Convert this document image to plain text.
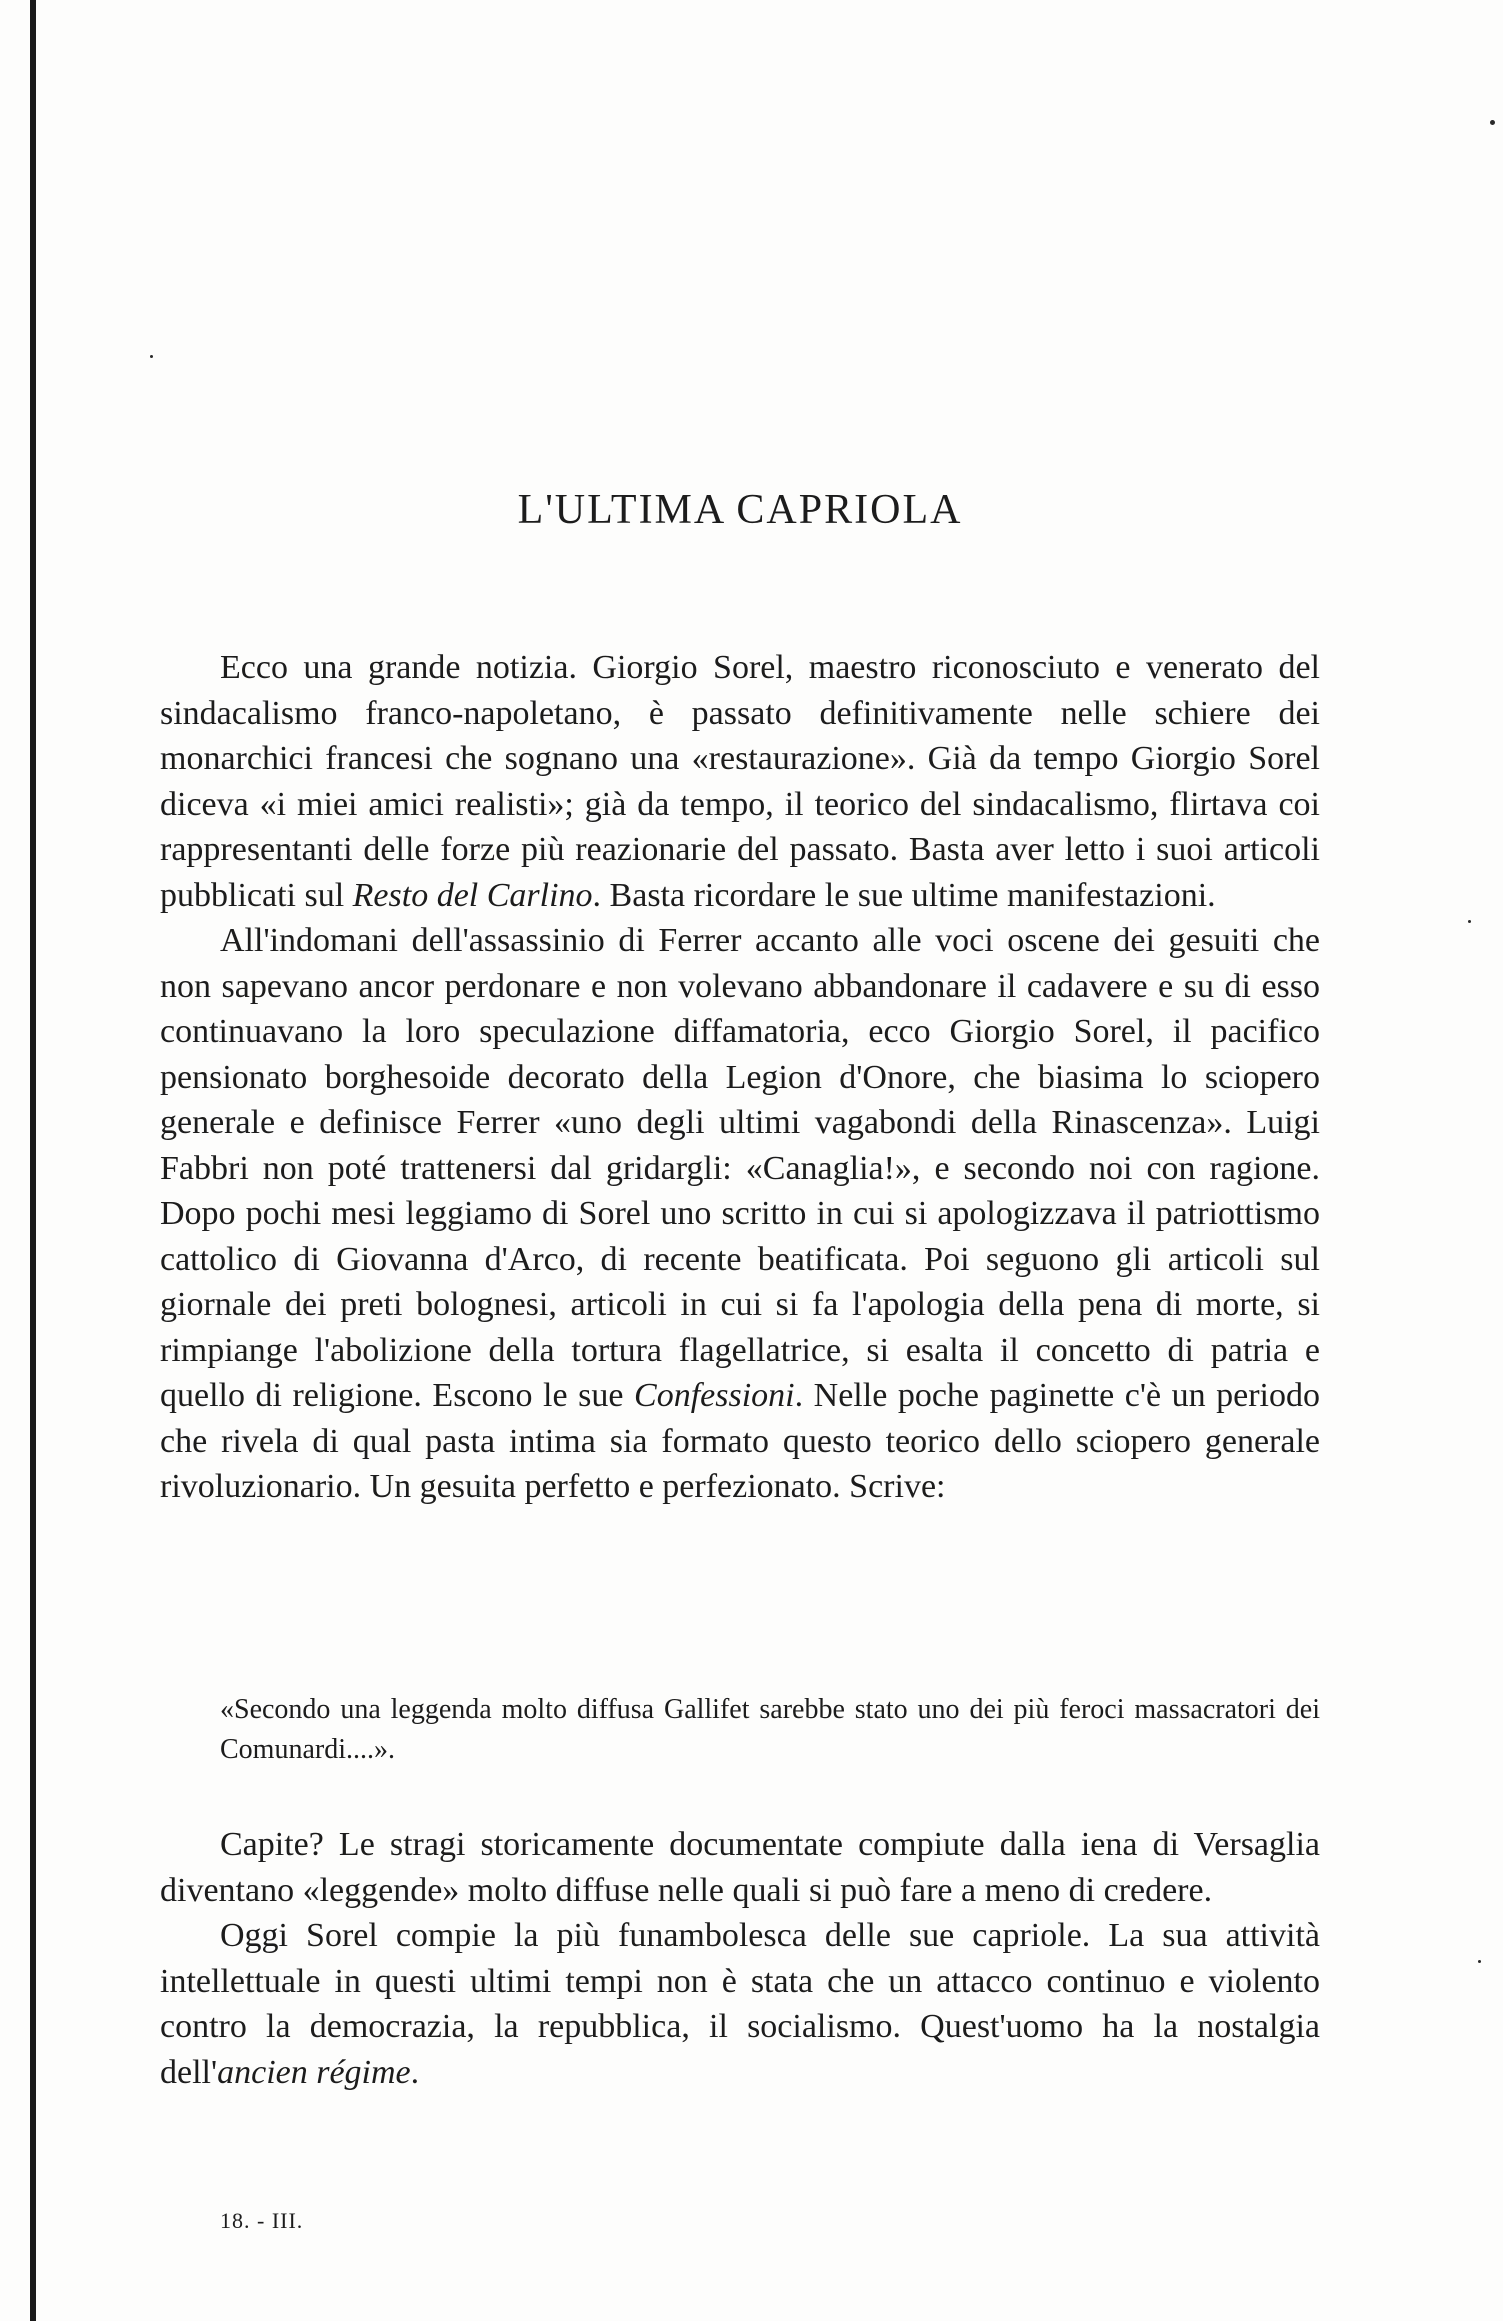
L'ULTIMA CAPRIOLA

Ecco una grande notizia. Giorgio Sorel, maestro riconosciuto e venerato del sindacalismo franco-napoletano, è passato definitivamente nelle schiere dei monarchici francesi che sognano una «restaurazione». Già da tempo Giorgio Sorel diceva «i miei amici realisti»; già da tempo, il teorico del sindacalismo, flirtava coi rappresentanti delle forze più reazionarie del passato. Basta aver letto i suoi articoli pubblicati sul Resto del Carlino. Basta ricordare le sue ultime manifestazioni.

All'indomani dell'assassinio di Ferrer accanto alle voci oscene dei gesuiti che non sapevano ancor perdonare e non volevano abbandonare il cadavere e su di esso continuavano la loro speculazione diffamatoria, ecco Giorgio Sorel, il pacifico pensionato borghesoide decorato della Legion d'Onore, che biasima lo sciopero generale e definisce Ferrer «uno degli ultimi vagabondi della Rinascenza». Luigi Fabbri non poté trattenersi dal gridargli: «Canaglia!», e secondo noi con ragione. Dopo pochi mesi leggiamo di Sorel uno scritto in cui si apologizzava il patriottismo cattolico di Giovanna d'Arco, di recente beatificata. Poi seguono gli articoli sul giornale dei preti bolognesi, articoli in cui si fa l'apologia della pena di morte, si rimpiange l'abolizione della tortura flagellatrice, si esalta il concetto di patria e quello di religione. Escono le sue Confessioni. Nelle poche paginette c'è un periodo che rivela di qual pasta intima sia formato questo teorico dello sciopero generale rivoluzionario. Un gesuita perfetto e perfezionato. Scrive:

«Secondo una leggenda molto diffusa Gallifet sarebbe stato uno dei più feroci massacratori dei Comunardi....».

Capite? Le stragi storicamente documentate compiute dalla iena di Versaglia diventano «leggende» molto diffuse nelle quali si può fare a meno di credere.

Oggi Sorel compie la più funambolesca delle sue capriole. La sua attività intellettuale in questi ultimi tempi non è stata che un attacco continuo e violento contro la democrazia, la repubblica, il socialismo. Quest'uomo ha la nostalgia dell'ancien régime.

18. - III.
